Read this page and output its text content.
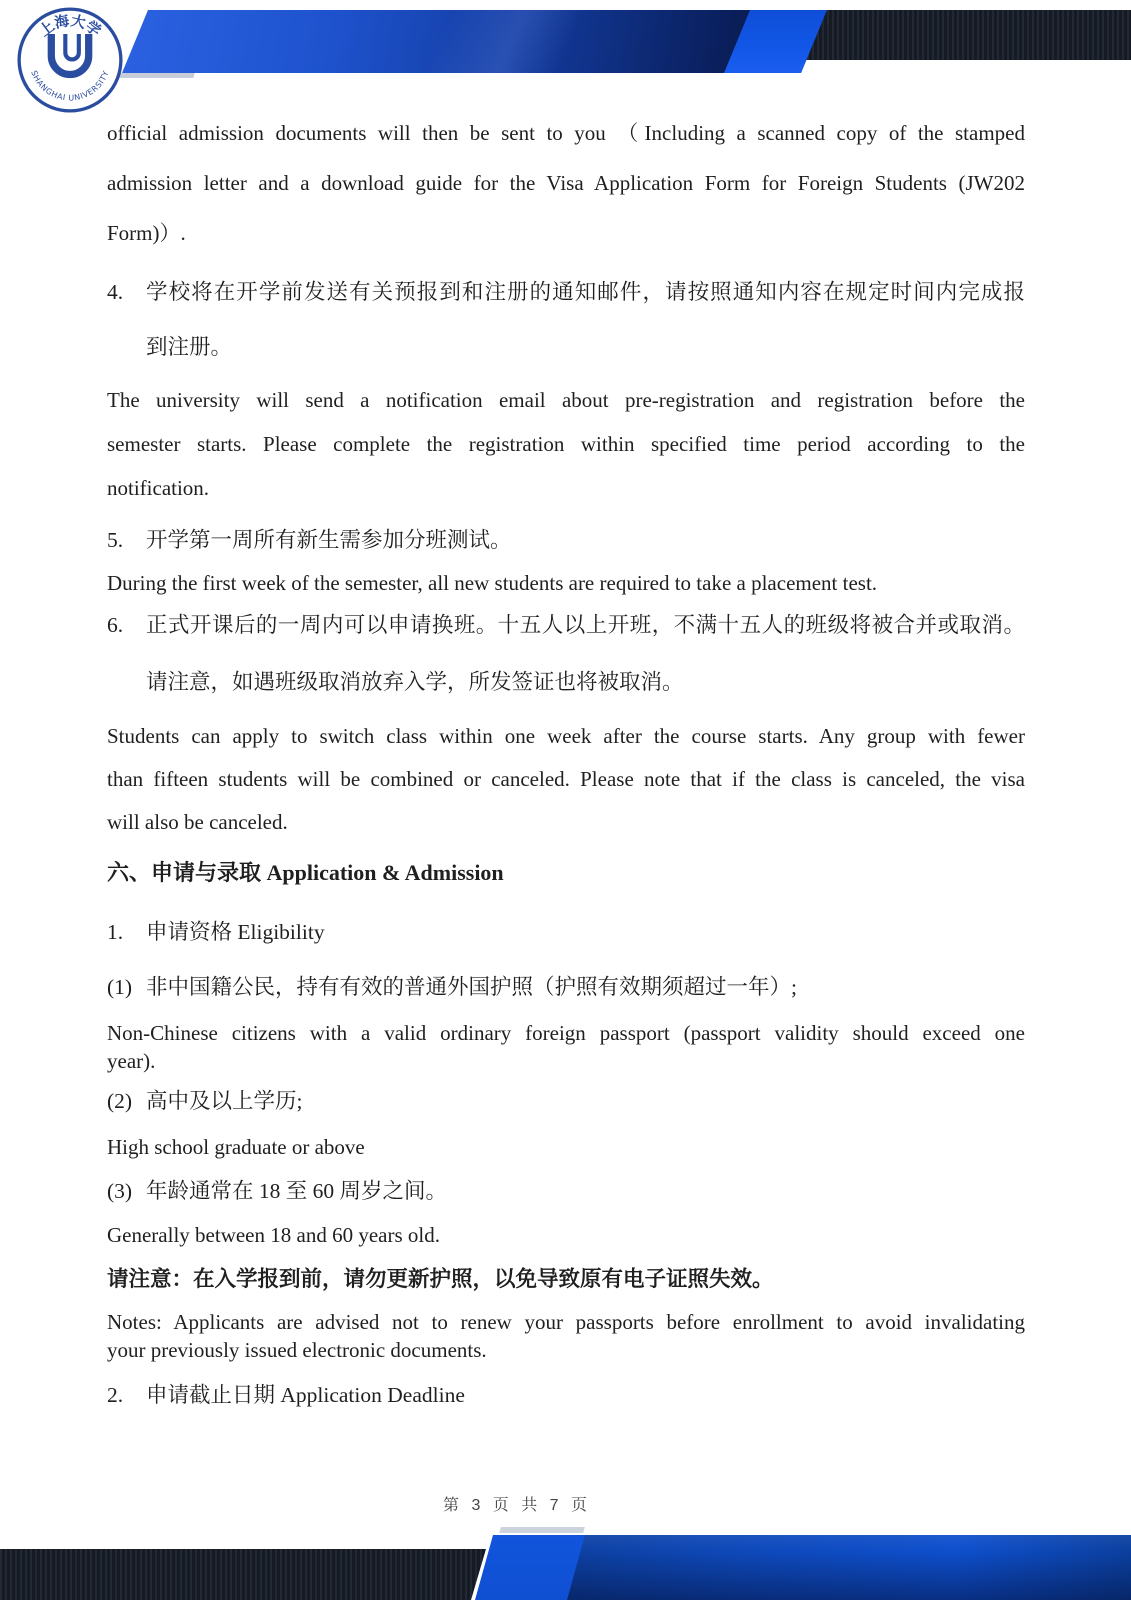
上海大学
SHANGHAI UNIVERSITY
official admission documents will then be sent to you （Including a scanned copy of the stamped
admission letter and a download guide for the Visa Application Form for Foreign Students (JW202
Form)）.
4. 学校将在开学前发送有关预报到和注册的通知邮件，请按照通知内容在规定时间内完成报
到注册。
The university will send a notification email about pre-registration and registration before the
semester starts. Please complete the registration within specified time period according to the
notification.
5. 开学第一周所有新生需参加分班测试。
During the first week of the semester, all new students are required to take a placement test.
6. 正式开课后的一周内可以申请换班。十五人以上开班，不满十五人的班级将被合并或取消。
请注意，如遇班级取消放弃入学，所发签证也将被取消。
Students can apply to switch class within one week after the course starts. Any group with fewer
than fifteen students will be combined or canceled. Please note that if the class is canceled, the visa
will also be canceled.
六、申请与录取 Application & Admission
1. 申请资格 Eligibility
(1) 非中国籍公民，持有有效的普通外国护照（护照有效期须超过一年）;
Non-Chinese citizens with a valid ordinary foreign passport (passport validity should exceed one
year).
(2) 高中及以上学历;
High school graduate or above
(3) 年龄通常在 18 至 60 周岁之间。
Generally between 18 and 60 years old.
请注意：在入学报到前，请勿更新护照，以免导致原有电子证照失效。
Notes: Applicants are advised not to renew your passports before enrollment to avoid invalidating
your previously issued electronic documents.
2. 申请截止日期 Application Deadline
第 3 页 共 7 页
